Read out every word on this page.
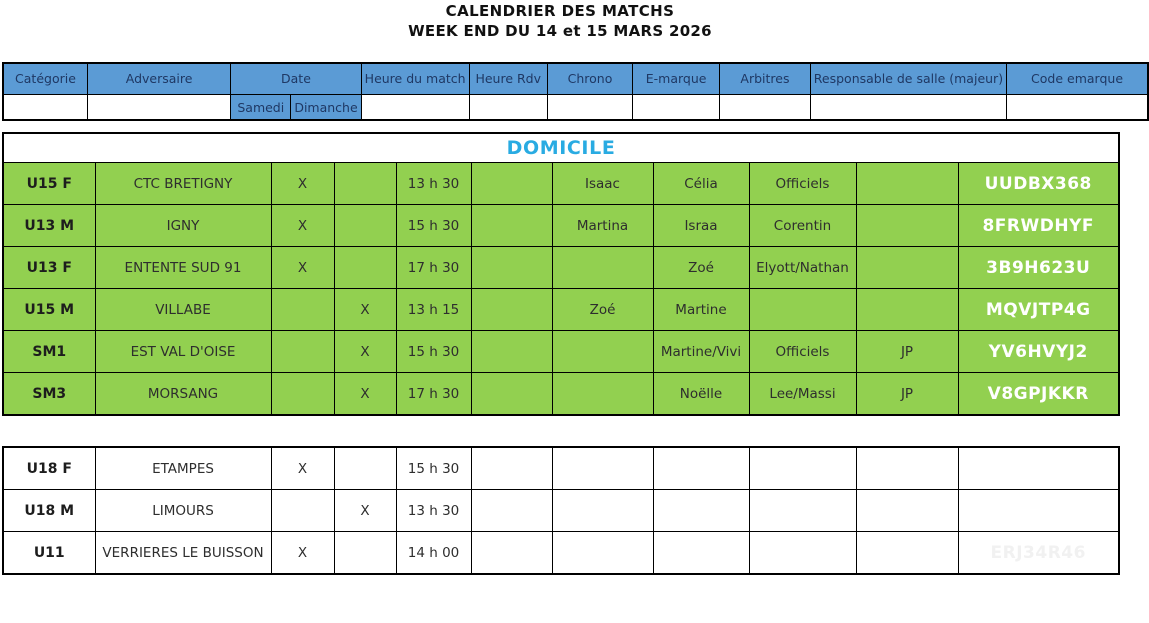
CALENDRIER DES MATCHS
WEEK END DU 14 et 15 MARS 2026
Catégorie	Adversaire	Date		Heure du match	Heure Rdv	Chrono	E-marque	Arbitres	Responsable de salle (majeur)	Code emarque
		Samedi	Dimanche							
DOMICILE										
U15 F	CTC BRETIGNY	X		13 h 30		Isaac	Célia	Officiels		UUDBX368
U13 M	IGNY	X		15 h 30		Martina	Israa	Corentin		8FRWDHYF
U13 F	ENTENTE SUD 91	X		17 h 30			Zoé	Elyott/Nathan		3B9H623U
U15 M	VILLABE		X	13 h 15		Zoé	Martine			MQVJTP4G
SM1	EST VAL D'OISE		X	15 h 30			Martine/Vivi	Officiels	JP	YV6HVYJ2
SM3	MORSANG		X	17 h 30			Noëlle	Lee/Massi	JP	V8GPJKKR
U18 F	ETAMPES	X		15 h 30						
U18 M	LIMOURS		X	13 h 30						
U11	VERRIERES LE BUISSON	X		14 h 00						ERJ34R46
